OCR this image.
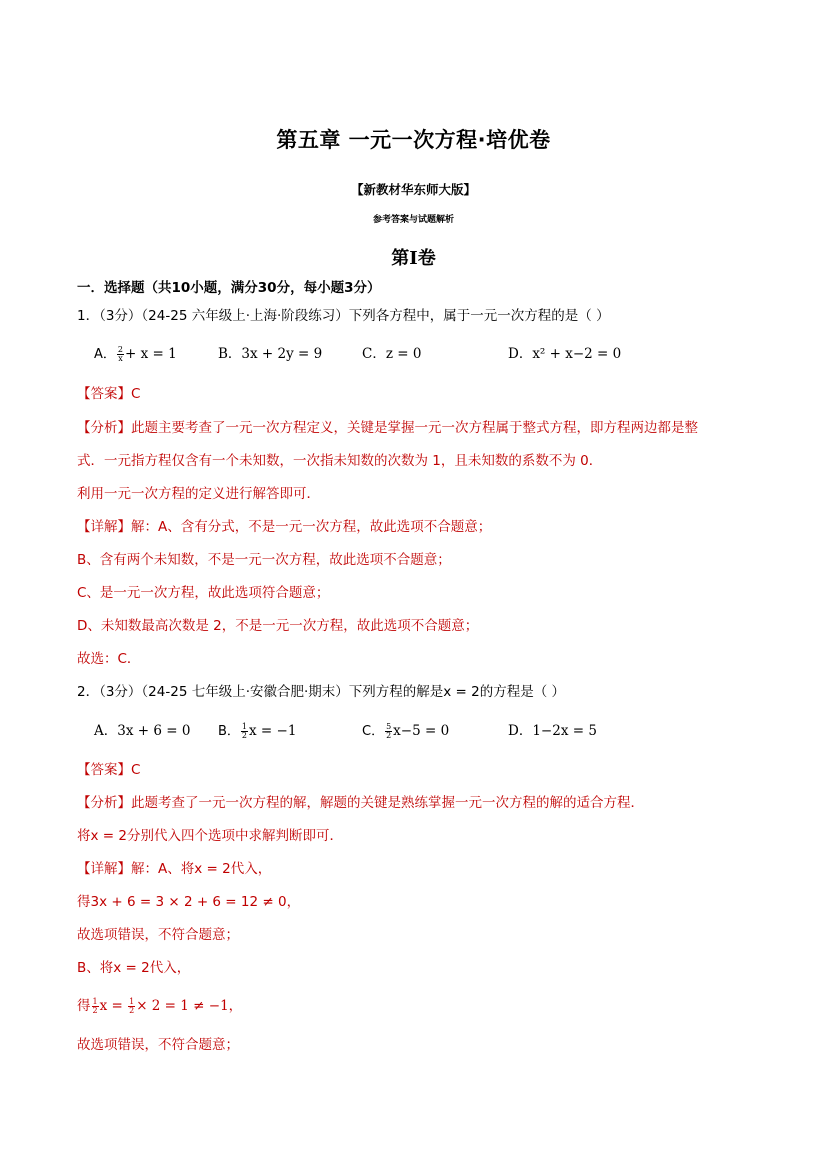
第五章 一元一次方程·培优卷
【新教材华东师大版】
参考答案与试题解析
第I卷
一．选择题（共10小题，满分30分，每小题3分）
1．（3分）（24-25 六年级上·上海·阶段练习）下列各方程中，属于一元一次方程的是（ ）
A． $\frac{2}{x} + x = 1$	B．3x + 2y = 9	C．z = 0	D．x² + x−2 = 0
【答案】C
【分析】此题主要考查了一元一次方程定义，关键是掌握一元一次方程属于整式方程，即方程两边都是整
式．一元指方程仅含有一个未知数，一次指未知数的次数为 1，且未知数的系数不为 0．
利用一元一次方程的定义进行解答即可．
【详解】解：A、含有分式，不是一元一次方程，故此选项不合题意；
B、含有两个未知数，不是一元一次方程，故此选项不合题意；
C、是一元一次方程，故此选项符合题意；
D、未知数最高次数是 2，不是一元一次方程，故此选项不合题意；
故选：C．
2．（3分）（24-25 七年级上·安徽合肥·期末）下列方程的解是x = 2的方程是（ ）
A．3x + 6 = 0 B． $\frac{1}{2}$ x = −1	C． $\frac{5}{2} x-5 = 0$	D．1−2x = 5
【答案】C
【分析】此题考查了一元一次方程的解，解题的关键是熟练掌握一元一次方程的解的适合方程．
将x = 2分别代入四个选项中求解判断即可．
【详解】解：A、将x = 2代入，
得3x + 6 = 3 × 2 + 6 = 12 ≠ 0，
故选项错误，不符合题意；
B、将x = 2代入，
得 $\frac{1}{2}$ $x = \frac{1}{2} \times 2 = 1 \ne -1$，
故选项错误，不符合题意；
